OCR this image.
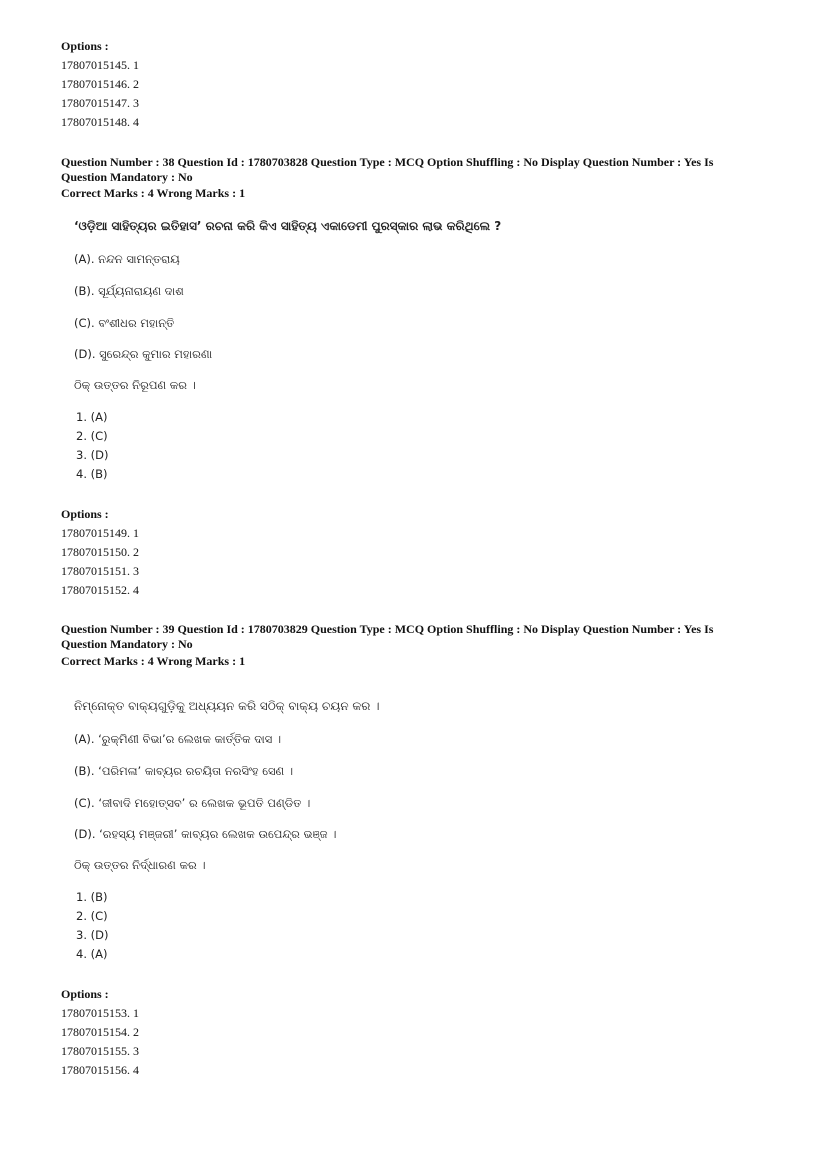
Options :
17807015145. 1
17807015146. 2
17807015147. 3
17807015148. 4
Question Number : 38 Question Id : 1780703828 Question Type : MCQ Option Shuffling : No Display Question Number : Yes Is
Question Mandatory : No
Correct Marks : 4 Wrong Marks : 1
‘ଓଡ଼ିଆ ସାହିତ୍ୟର ଇତିହାସ’ ରଚନା କରି କିଏ ସାହିତ୍ୟ ଏକାଡେମୀ ପୁରସ୍କାର ଲାଭ କରିଥିଲେ ?
(A). ନନ୍ଦନ ସାମନ୍ତରାୟ
(B). ସୂର୍ଯ୍ୟନାରାୟଣ ଦାଶ
(C). ବଂଶୀଧର ମହାନ୍ତି
(D). ସୁରେନ୍ଦ୍ର କୁମାର ମହାରଣା
ଠିକ୍ ଉତ୍ତର ନିରୂପଣ କର ।
1. (A)
2. (C)
3. (D)
4. (B)
Options :
17807015149. 1
17807015150. 2
17807015151. 3
17807015152. 4
Question Number : 39 Question Id : 1780703829 Question Type : MCQ Option Shuffling : No Display Question Number : Yes Is
Question Mandatory : No
Correct Marks : 4 Wrong Marks : 1
ନିମ୍ନୋକ୍ତ ବାକ୍ୟଗୁଡ଼ିକୁ ଅଧ୍ୟୟନ କରି ସଠିକ୍ ବାକ୍ୟ ଚୟନ କର ।
(A). ‘ରୁକ୍ମିଣୀ ବିଭା’ର ଲେଖକ କାର୍ତ୍ତିକ ଦାସ ।
(B). ‘ପରିମଳା’ କାବ୍ୟର ରଚୟିତା ନରସିଂହ ସେଣ ।
(C). ‘ଜୀବାଦି ମହୋତ୍ସବ’ ର ଲେଖକ ଭୂପତି ପଣ୍ଡିତ ।
(D). ‘ରହସ୍ୟ ମଞ୍ଜରୀ’ କାବ୍ୟର ଲେଖକ ଉପେନ୍ଦ୍ର ଭଞ୍ଜ ।
ଠିକ୍ ଉତ୍ତର ନିର୍ଦ୍ଧାରଣ କର ।
1. (B)
2. (C)
3. (D)
4. (A)
Options :
17807015153. 1
17807015154. 2
17807015155. 3
17807015156. 4
